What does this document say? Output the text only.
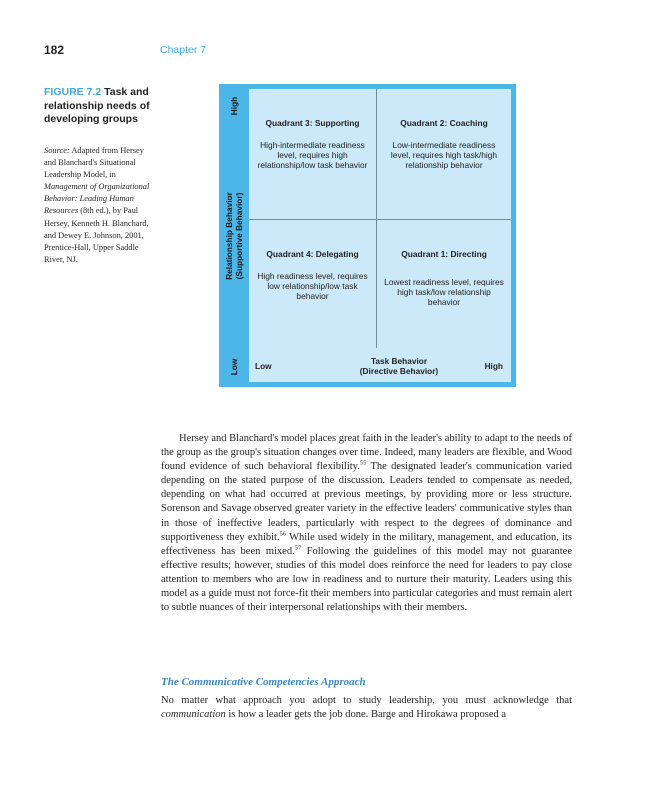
182	Chapter 7
FIGURE 7.2 Task and relationship needs of developing groups
Source: Adapted from Hersey and Blanchard's Situational Leadership Model, in Management of Organizational Behavior: Leading Human Resources (8th ed.), by Paul Hersey, Kenneth H. Blanchard, and Dewey E. Johnson, 2001, Prentice-Hall, Upper Saddle River, NJ.
High
Relationship Behavior (Supportive Behavior)
Low
Quadrant 3: Supporting
High-intermediate readiness level, requires high relationship/low task behavior
Quadrant 2: Coaching
Low-intermediate readiness level, requires high task/high relationship behavior
Quadrant 4: Delegating
High readiness level, requires low relationship/low task behavior
Quadrant 1: Directing
Lowest readiness level, requires high task/low relationship behavior
Low	Task Behavior
(Directive Behavior)	High

Hersey and Blanchard's model places great faith in the leader's ability to adapt to the needs of the group as the group's situation changes over time. Indeed, many leaders are flexible, and Wood found evidence of such behavioral flexibility.$^{55}$ The designated leader's communication varied depending on the stated purpose of the discussion. Leaders tended to compensate as needed, depending on what had occurred at previous meetings, by providing more or less structure. Sorenson and Savage observed greater variety in the effective leaders' communicative styles than in those of ineffective leaders, particularly with respect to the degrees of dominance and supportiveness they exhibit.$^{56}$ While used widely in the military, management, and education, its effectiveness has been mixed.$^{57}$ Following the guidelines of this model may not guarantee effective results; however, studies of this model does reinforce the need for leaders to pay close attention to members who are low in readiness and to nurture their maturity. Leaders using this model as a guide must not force-fit their members into particular categories and must remain alert to subtle nuances of their interpersonal relationships with their members.

The Communicative Competencies Approach

No matter what approach you adopt to study leadership, you must acknowledge that communication is how a leader gets the job done. Barge and Hirokawa proposed a
